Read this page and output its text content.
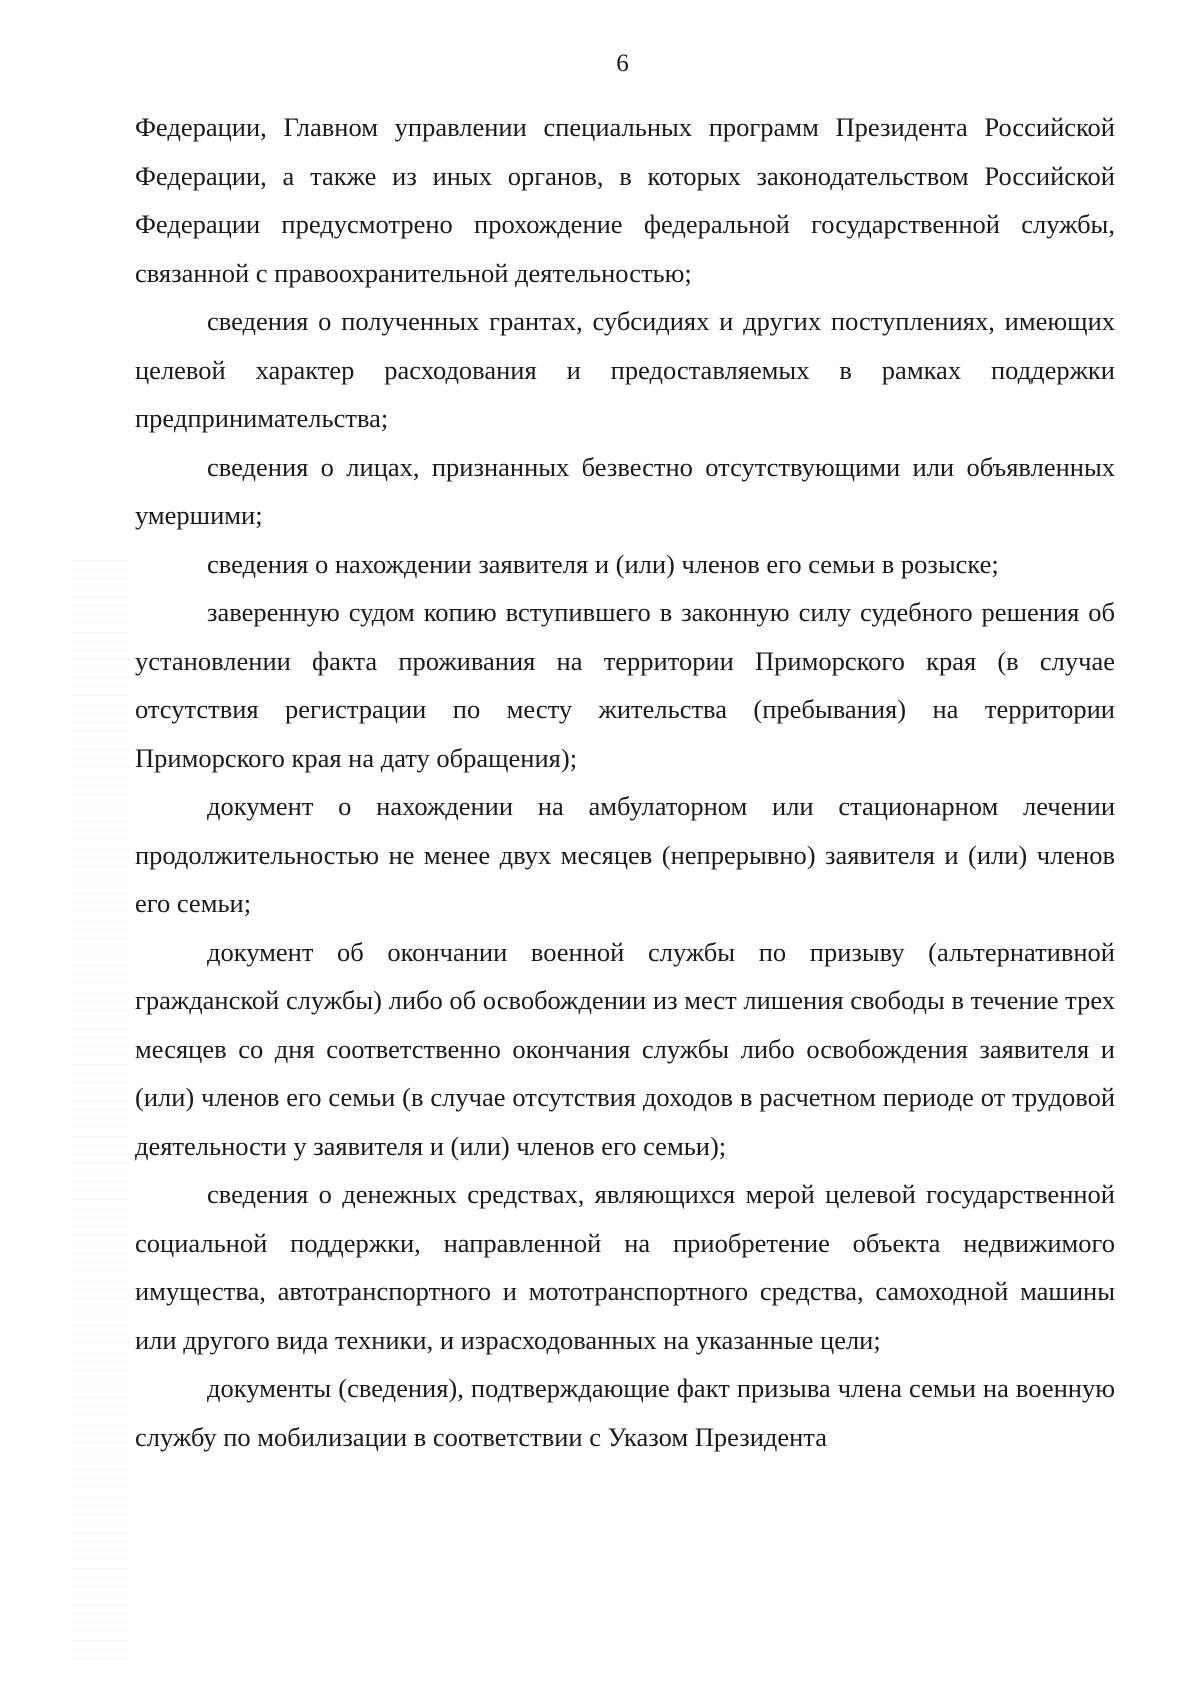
6

Федерации, Главном управлении специальных программ Президента Российской Федерации, а также из иных органов, в которых законодательством Российской Федерации предусмотрено прохождение федеральной государственной службы, связанной с правоохранительной деятельностью;

сведения о полученных грантах, субсидиях и других поступлениях, имеющих целевой характер расходования и предоставляемых в рамках поддержки предпринимательства;

сведения о лицах, признанных безвестно отсутствующими или объявленных умершими;

сведения о нахождении заявителя и (или) членов его семьи в розыске;

заверенную судом копию вступившего в законную силу судебного решения об установлении факта проживания на территории Приморского края (в случае отсутствия регистрации по месту жительства (пребывания) на территории Приморского края на дату обращения);

документ о нахождении на амбулаторном или стационарном лечении продолжительностью не менее двух месяцев (непрерывно) заявителя и (или) членов его семьи;

документ об окончании военной службы по призыву (альтернативной гражданской службы) либо об освобождении из мест лишения свободы в течение трех месяцев со дня соответственно окончания службы либо освобождения заявителя и (или) членов его семьи (в случае отсутствия доходов в расчетном периоде от трудовой деятельности у заявителя и (или) членов его семьи);

сведения о денежных средствах, являющихся мерой целевой государственной социальной поддержки, направленной на приобретение объекта недвижимого имущества, автотранспортного и мототранспортного средства, самоходной машины или другого вида техники, и израсходованных на указанные цели;

документы (сведения), подтверждающие факт призыва члена семьи на военную службу по мобилизации в соответствии с Указом Президента
